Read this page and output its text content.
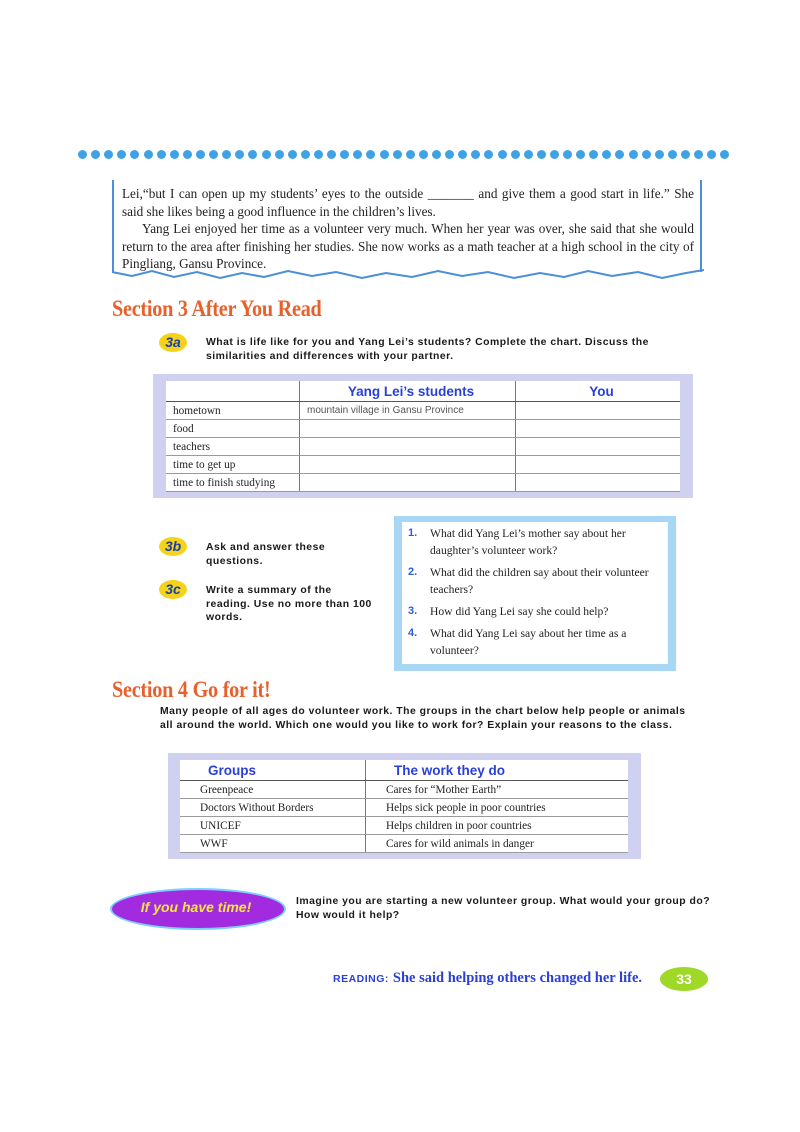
Lei,“but I can open up my students’ eyes to the outside _______ and give them a good start in life.” She said she likes being a good influence in the children’s lives.

Yang Lei enjoyed her time as a volunteer very much. When her year was over, she said that she would return to the area after finishing her studies. She now works as a math teacher at a high school in the city of Pingliang, Gansu Province.

Section 3 After You Read
3a	What is life like for you and Yang Lei’s students? Complete the chart. Discuss the similarities and differences with your partner.
	Yang Lei’s students	You
hometown	mountain village in Gansu Province	
food		
teachers		
time to get up		
time to finish studying		
3b	Ask and answer these questions.
3c	Write a summary of the reading. Use no more than 100 words.
1.	What did Yang Lei’s mother say about her daughter’s volunteer work?
2.	What did the children say about their volunteer teachers?
3.	How did Yang Lei say she could help?
4.	What did Yang Lei say about her time as a volunteer?
Section 4 Go for it!
Many people of all ages do volunteer work. The groups in the chart below help people or animals all around the world. Which one would you like to work for? Explain your reasons to the class.
Groups	The work they do
Greenpeace	Cares for “Mother Earth”
Doctors Without Borders	Helps sick people in poor countries
UNICEF	Helps children in poor countries
WWF	Cares for wild animals in danger
If you have time!	Imagine you are starting a new volunteer group. What would your group do? How would it help?
READING: She said helping others changed her life.	33
